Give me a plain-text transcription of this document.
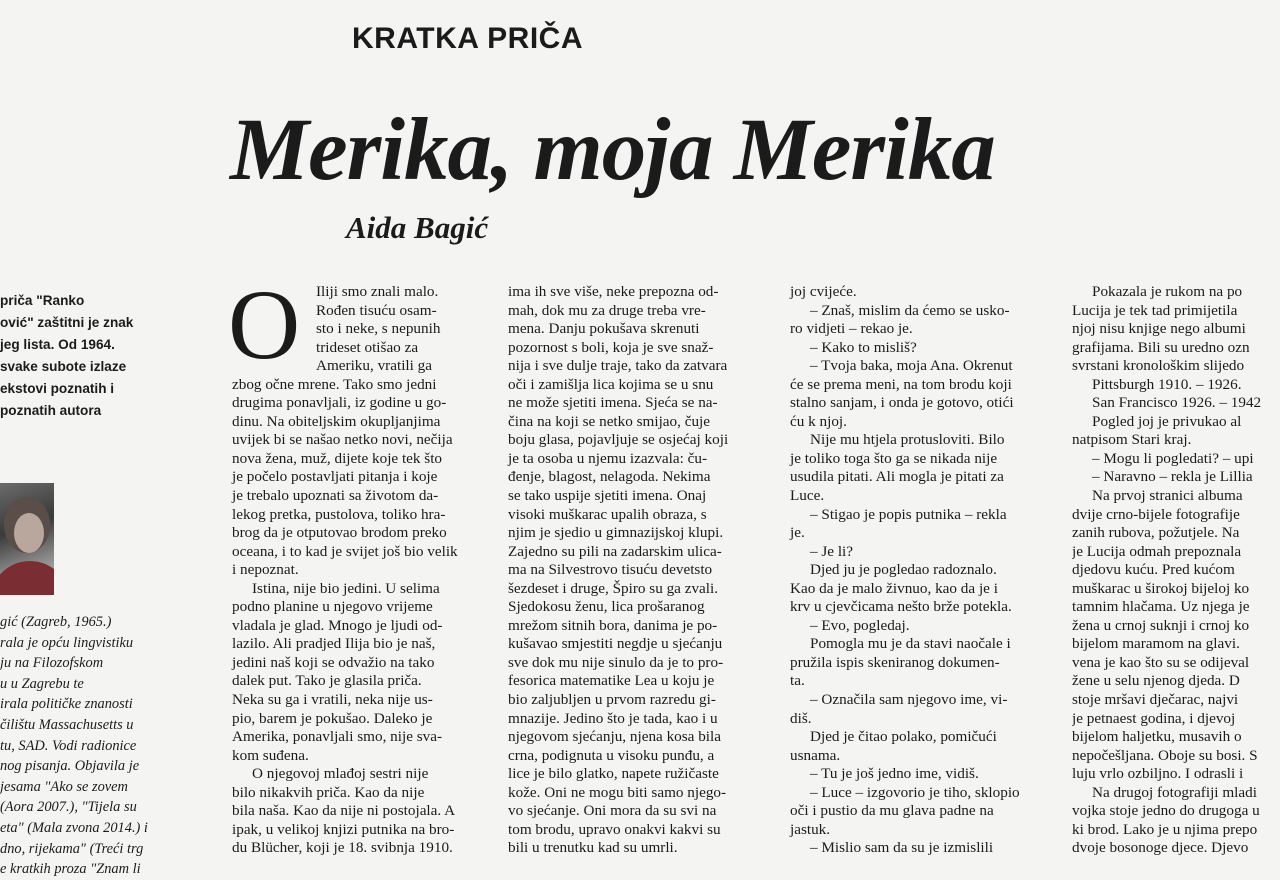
KRATKA PRIČA
Merika, moja Merika
Aida Bagić
priča "Ranko
ović" zaštitni je znak
jeg lista. Od 1964.
svake subote izlaze
ekstovi poznatih i
poznatih autora
gić (Zagreb, 1965.)
rala je opću lingvistiku
ju na Filozofskom
u u Zagrebu te
irala političke znanosti
čilištu Massachusetts u
tu, SAD. Vodi radionice
nog pisanja. Objavila je
jesama "Ako se zovem
(Aora 2007.), "Tijela su
eta" (Mala zvona 2014.) i
dno, rijekama" (Treći trg
e kratkih proza "Znam li
O	Iliji smo znali malo.
Rođen tisuću osam-
sto i neke, s nepunih
trideset otišao za
Ameriku, vratili ga
zbog očne mrene. Tako smo jedni
drugima ponavljali, iz godine u go-
dinu. Na obiteljskim okupljanjima
uvijek bi se našao netko novi, nečija
nova žena, muž, dijete koje tek što
je počelo postavljati pitanja i koje
je trebalo upoznati sa životom da-
lekog pretka, pustolova, toliko hra-
brog da je otputovao brodom preko
oceana, i to kad je svijet još bio velik
i nepoznat.
Istina, nije bio jedini. U selima
podno planine u njegovo vrijeme
vladala je glad. Mnogo je ljudi od-
lazilo. Ali pradjed Ilija bio je naš,
jedini naš koji se odvažio na tako
dalek put. Tako je glasila priča.
Neka su ga i vratili, neka nije us-
pio, barem je pokušao. Daleko je
Amerika, ponavljali smo, nije sva-
kom suđena.
O njegovoj mlađoj sestri nije
bilo nikakvih priča. Kao da nije
bila naša. Kao da nije ni postojala. A
ipak, u velikoj knjizi putnika na bro-
du Blücher, koji je 18. svibnja 1910.
ima ih sve više, neke prepozna od-
mah, dok mu za druge treba vre-
mena. Danju pokušava skrenuti
pozornost s boli, koja je sve snaž-
nija i sve dulje traje, tako da zatvara
oči i zamišlja lica kojima se u snu
ne može sjetiti imena. Sjeća se na-
čina na koji se netko smijao, čuje
boju glasa, pojavljuje se osjećaj koji
je ta osoba u njemu izazvala: ču-
đenje, blagost, nelagoda. Nekima
se tako uspije sjetiti imena. Onaj
visoki muškarac upalih obraza, s
njim je sjedio u gimnazijskoj klupi.
Zajedno su pili na zadarskim ulica-
ma na Silvestrovo tisuću devetsto
šezdeset i druge, Špiro su ga zvali.
Sjedokosu ženu, lica prošaranog
mrežom sitnih bora, danima je po-
kušavao smjestiti negdje u sjećanju
sve dok mu nije sinulo da je to pro-
fesorica matematike Lea u koju je
bio zaljubljen u prvom razredu gi-
mnazije. Jedino što je tada, kao i u
njegovom sjećanju, njena kosa bila
crna, podignuta u visoku punđu, a
lice je bilo glatko, napete ružičaste
kože. Oni ne mogu biti samo njego-
vo sjećanje. Oni mora da su svi na
tom brodu, upravo onakvi kakvi su
bili u trenutku kad su umrli.
joj cvijeće.
– Znaš, mislim da ćemo se usko-
ro vidjeti – rekao je.
– Kako to misliš?
– Tvoja baka, moja Ana. Okrenut
će se prema meni, na tom brodu koji
stalno sanjam, i onda je gotovo, otići
ću k njoj.
Nije mu htjela protusloviti. Bilo
je toliko toga što ga se nikada nije
usudila pitati. Ali mogla je pitati za
Luce.
– Stigao je popis putnika – rekla
je.
– Je li?
Djed ju je pogledao radoznalo.
Kao da je malo živnuo, kao da je i
krv u cjevčicama nešto brže potekla.
– Evo, pogledaj.
Pomogla mu je da stavi naočale i
pružila ispis skeniranog dokumen-
ta.
– Označila sam njegovo ime, vi-
diš.
Djed je čitao polako, pomičući
usnama.
– Tu je još jedno ime, vidiš.
– Luce – izgovorio je tiho, sklopio
oči i pustio da mu glava padne na
jastuk.
– Mislio sam da su je izmislili
Pokazala je rukom na po
Lucija je tek tad primijetila
njoj nisu knjige nego albumi
grafijama. Bili su uredno ozn
svrstani kronološkim slijedo
Pittsburgh 1910. – 1926.
San Francisco 1926. – 1942
Pogled joj je privukao al
natpisom Stari kraj.
– Mogu li pogledati? – upi
– Naravno – rekla je Lillia
Na prvoj stranici albuma
dvije crno-bijele fotografije
zanih rubova, požutjele. Na
je Lucija odmah prepoznala
djedovu kuću. Pred kućom
muškarac u širokoj bijeloj ko
tamnim hlačama. Uz njega je
žena u crnoj suknji i crnoj ko
bijelom maramom na glavi.
vena je kao što su se odijeval
žene u selu njenog djeda. D
stoje mršavi dječarac, najvi
je petnaest godina, i djevoj
bijelom haljetku, musavih o
nepočešljana. Oboje su bosi. S
luju vrlo ozbiljno. I odrasli i
Na drugoj fotografiji mladi
vojka stoje jedno do drugoga u
ki brod. Lako je u njima prepo
dvoje bosonoge djece. Djevo
